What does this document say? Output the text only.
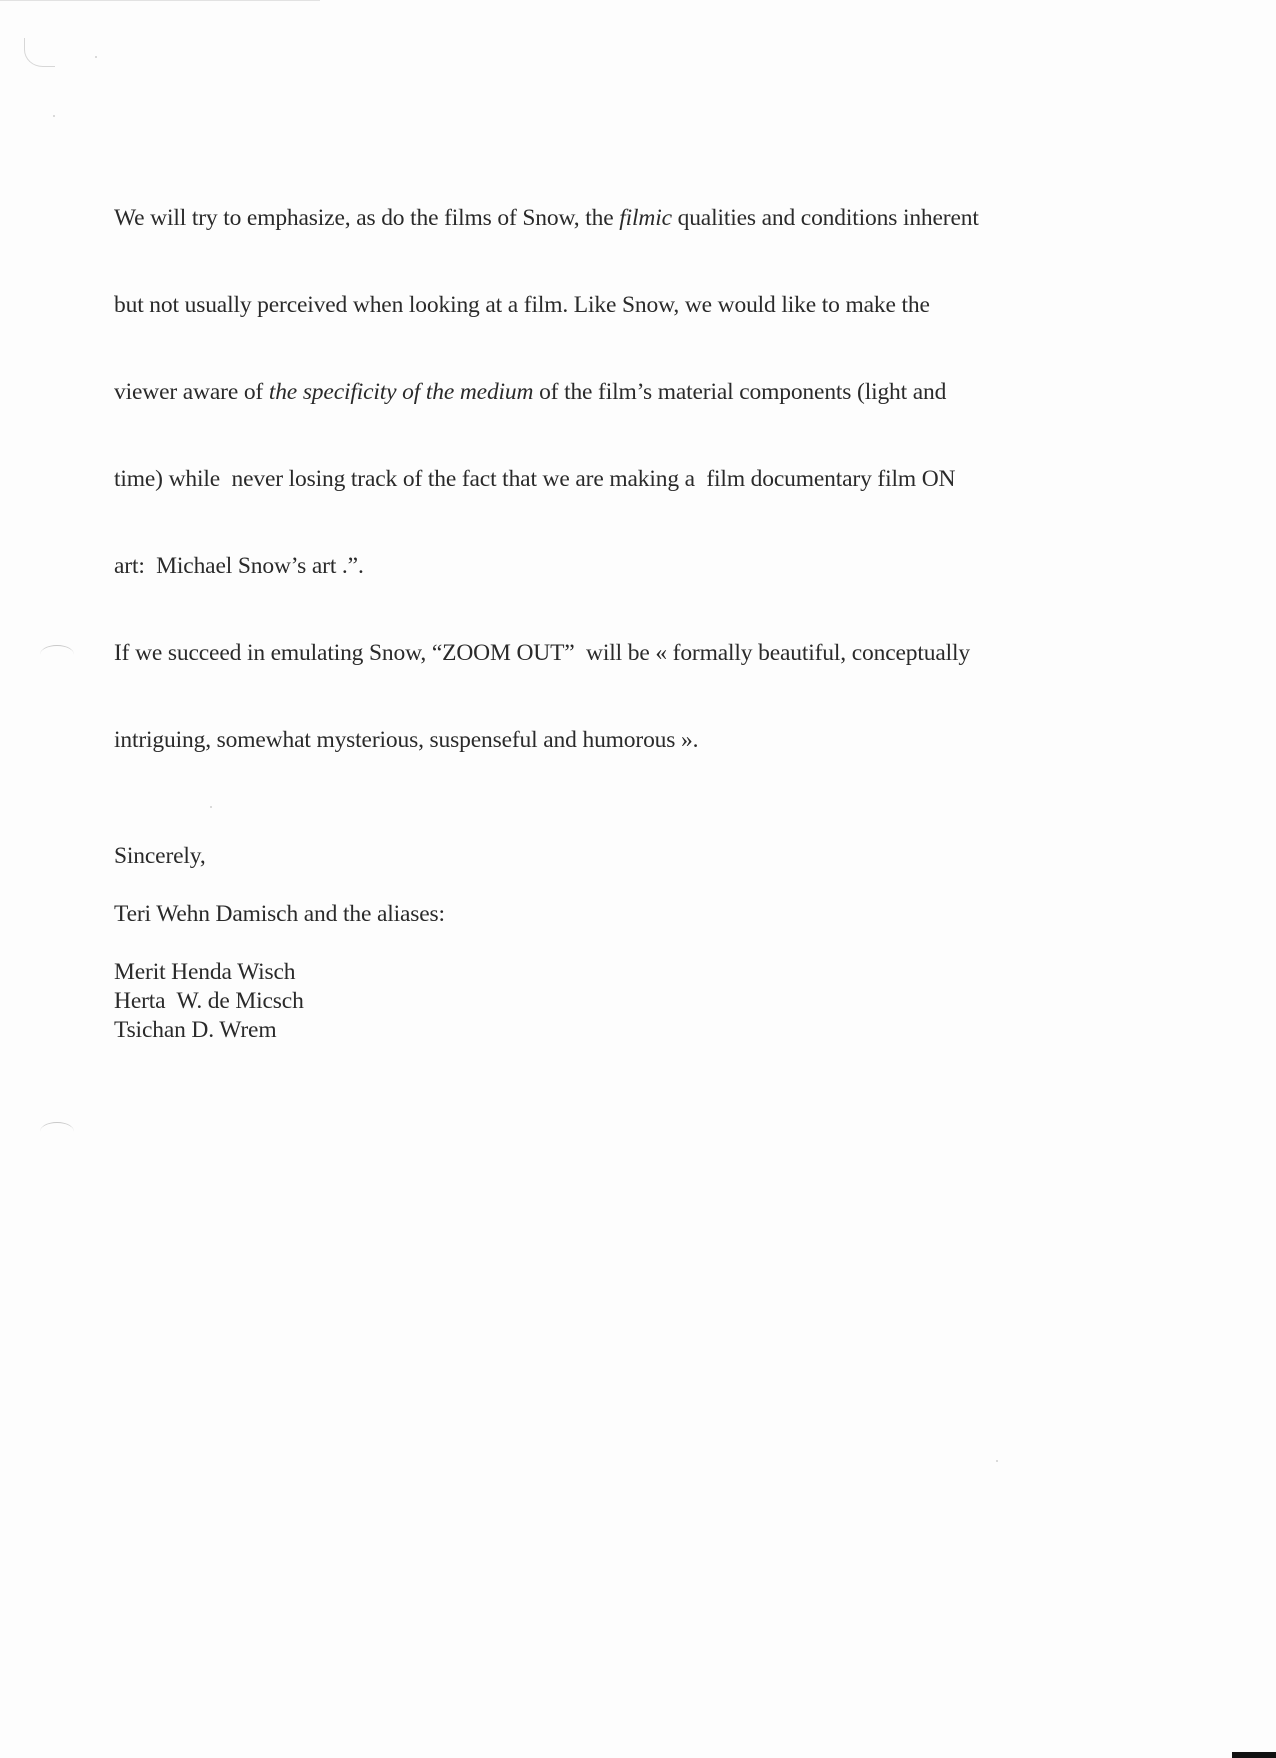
We will try to emphasize, as do the films of Snow, the filmic qualities and conditions inherent

but not usually perceived when looking at a film. Like Snow, we would like to make the

viewer aware of the specificity of the medium of the film’s material components (light and

time) while  never losing track of the fact that we are making a  film documentary film ON

art:  Michael Snow’s art .”.

If we succeed in emulating Snow, “ZOOM OUT”  will be « formally beautiful, conceptually

intriguing, somewhat mysterious, suspenseful and humorous ».

Sincerely,
Teri Wehn Damisch and the aliases:
Merit Henda Wisch
Herta  W. de Micsch
Tsichan D. Wrem
